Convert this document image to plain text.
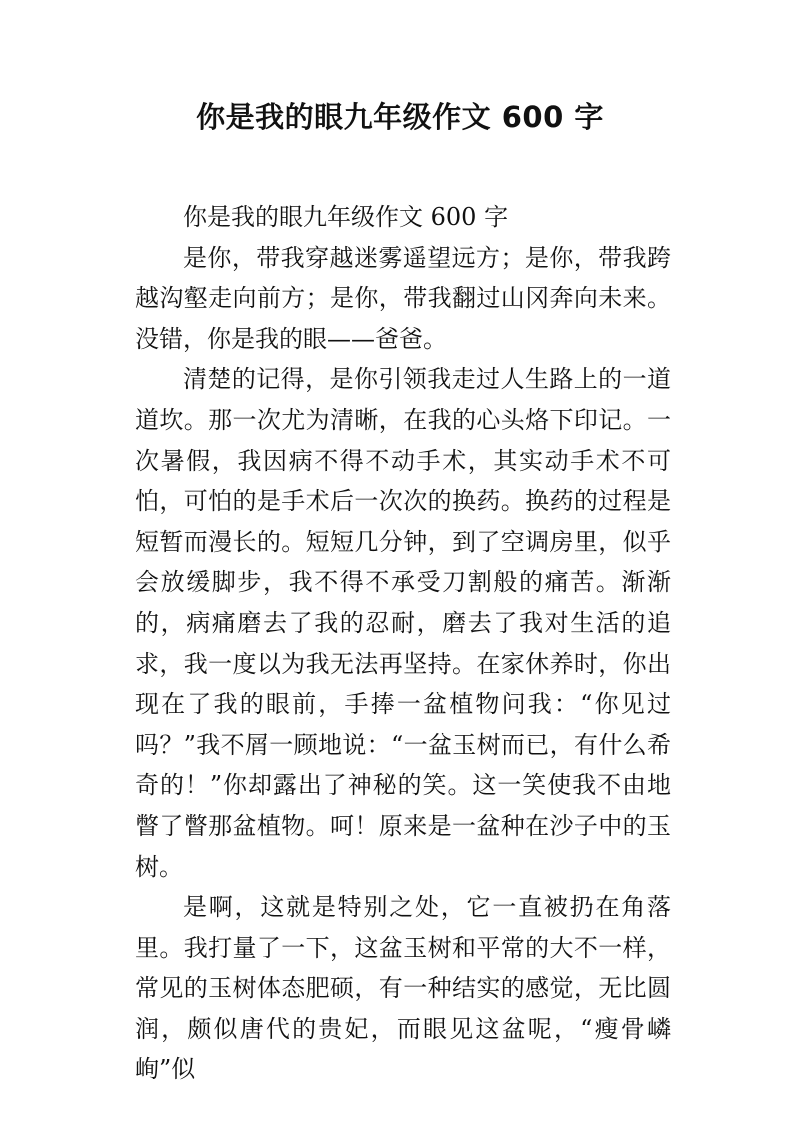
你是我的眼九年级作文 600 字

你是我的眼九年级作文 600 字

是你，带我穿越迷雾遥望远方；是你，带我跨越沟壑走向前方；是你，带我翻过山冈奔向未来。没错，你是我的眼——爸爸。

清楚的记得，是你引领我走过人生路上的一道道坎。那一次尤为清晰，在我的心头烙下印记。一次暑假，我因病不得不动手术，其实动手术不可怕，可怕的是手术后一次次的换药。换药的过程是短暂而漫长的。短短几分钟，到了空调房里，似乎会放缓脚步，我不得不承受刀割般的痛苦。渐渐的，病痛磨去了我的忍耐，磨去了我对生活的追求，我一度以为我无法再坚持。在家休养时，你出现在了我的眼前，手捧一盆植物问我：“你见过吗？”我不屑一顾地说：“一盆玉树而已，有什么希奇的！”你却露出了神秘的笑。这一笑使我不由地瞥了瞥那盆植物。呵！原来是一盆种在沙子中的玉树。

是啊，这就是特别之处，它一直被扔在角落里。我打量了一下，这盆玉树和平常的大不一样，常见的玉树体态肥硕，有一种结实的感觉，无比圆润，颇似唐代的贵妃，而眼见这盆呢，“瘦骨嶙峋”似
